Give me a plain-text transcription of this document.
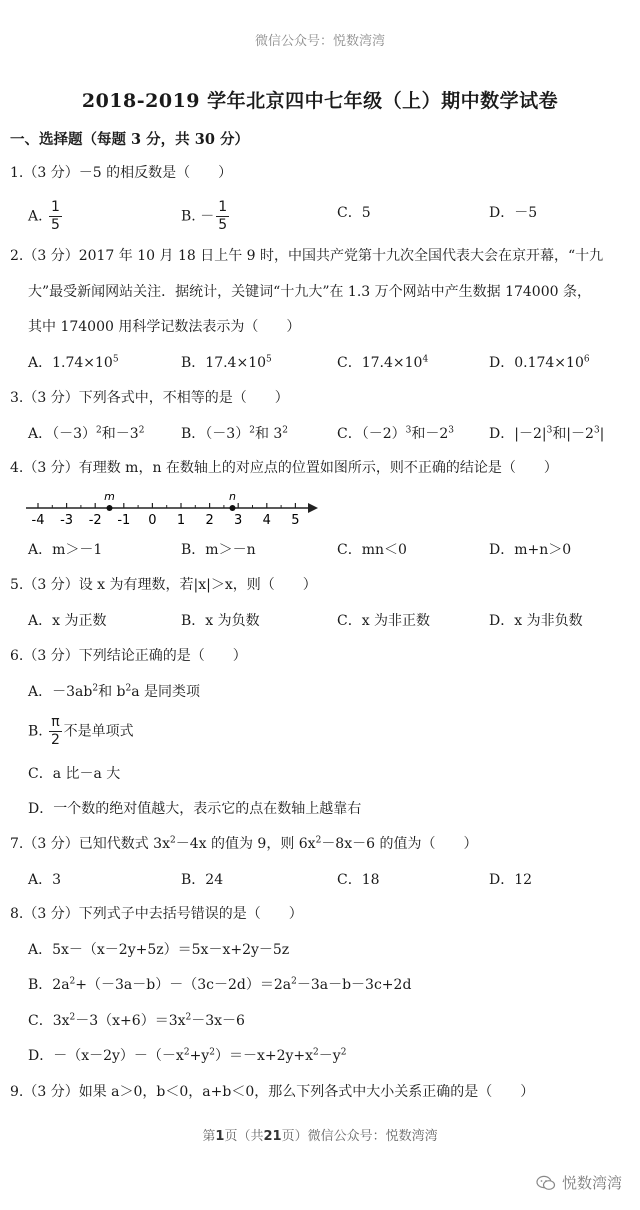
微信公众号：悦数湾湾
2018-2019 学年北京四中七年级（上）期中数学试卷
一、选择题（每题 3 分，共 30 分）
1.（3 分）－5 的相反数是（　　）
A. $\frac{1}{5}$	B. － $\frac{1}{5}$	C．5	D．－5
2.（3 分）2017 年 10 月 18 日上午 9 时，中国共产党第十九次全国代表大会在京开幕，“十九
大”最受新闻网站关注．据统计，关键词“十九大”在 1.3 万个网站中产生数据 174000 条，
其中 174000 用科学记数法表示为（　　）
A．$1.74\times 10^5$	B．$17.4\times 10^5$	C．$17.4\times 10^4$	D．$0.174\times 10^6$
3.（3 分）下列各式中，不相等的是（　　）
A．$(-3)^2$和$-3^2$	B．$(-3)^2$和 $3^2$	C．$(-2)^3$和$-2^3$ D．$|-2|^3$和$|-2^3|$
4.（3 分）有理数 m，n 在数轴上的对应点的位置如图所示，则不正确的结论是（　　）
-4 -3 -2 -1 0 1 2 3 4 5
m	n
A．m＞－1	B．m＞－n	C．mn＜0	D．m+n＞0
5.（3 分）设 x 为有理数，若|x|＞x，则（　　）
A．x 为正数	B．x 为负数	C．x 为非正数	D．x 为非负数
6.（3 分）下列结论正确的是（　　）
A．$-3ab^2$和 $b^2a$ 是同类项
B. $\frac{\pi}{2}$ 不是单项式
C．a 比－a 大
D．一个数的绝对值越大，表示它的点在数轴上越靠右
7.（3 分）已知代数式 $3x^2-4x$ 的值为 9，则 $6x^2-8x-6$ 的值为（　　）
A．3	B．24	C．18	D．12
8.（3 分）下列式子中去括号错误的是（　　）
A．5x－（x－2y+5z）＝5x－x+2y－5z
B．$2a^2+(-3a-b)-(3c-2d)=2a^2-3a-b-3c+2d$
C．$3x^2-3(x+6)=3x^2-3x-6$
D．$-(x-2y)-(-x^2+y^2)=-x+2y+x^2-y^2$
9.（3 分）如果 a＞0，b＜0，a+b＜0，那么下列各式中大小关系正确的是（　　）
第1页（共21页）微信公众号：悦数湾湾
悦数湾湾
